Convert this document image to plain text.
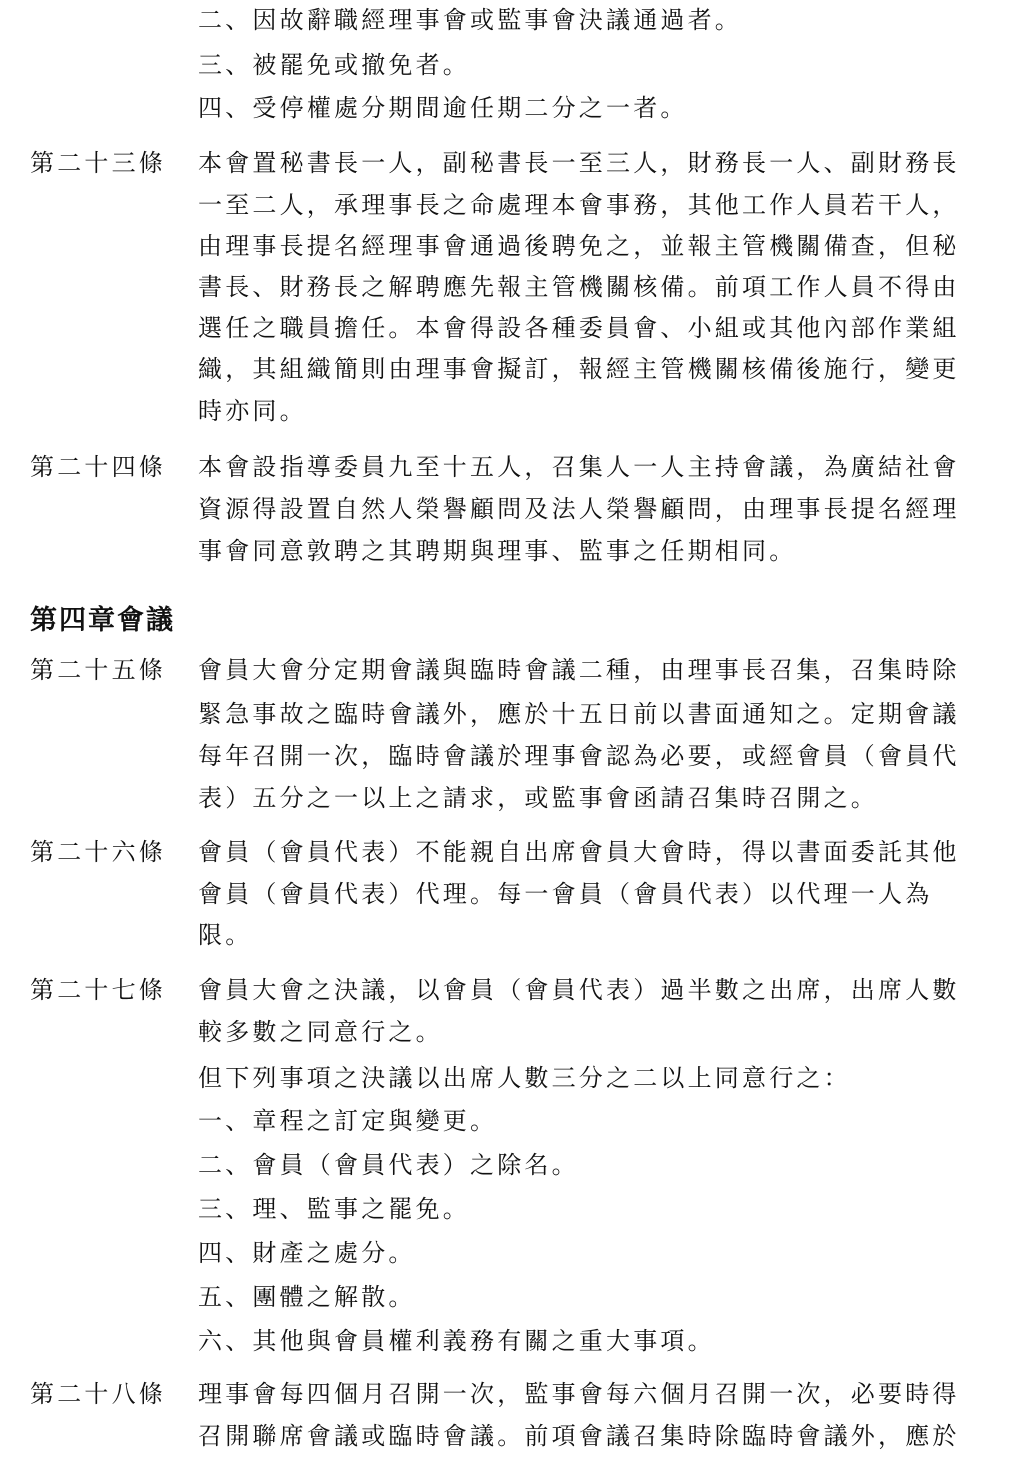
二、因故辭職經理事會或監事會決議通過者。
三、被罷免或撤免者。
四、受停權處分期間逾任期二分之一者。
第二十三條 本會置秘書長一人，副秘書長一至三人，財務長一人、副財務長
一至二人，承理事長之命處理本會事務，其他工作人員若干人，
由理事長提名經理事會通過後聘免之，並報主管機關備查，但秘
書長、財務長之解聘應先報主管機關核備。前項工作人員不得由
選任之職員擔任。本會得設各種委員會、小組或其他內部作業組
織，其組織簡則由理事會擬訂，報經主管機關核備後施行，變更
時亦同。
第二十四條 本會設指導委員九至十五人，召集人一人主持會議，為廣結社會
資源得設置自然人榮譽顧問及法人榮譽顧問，由理事長提名經理
事會同意敦聘之其聘期與理事、監事之任期相同。
第四章會議
第二十五條 會員大會分定期會議與臨時會議二種，由理事長召集，召集時除
緊急事故之臨時會議外，應於十五日前以書面通知之。定期會議
每年召開一次，臨時會議於理事會認為必要，或經會員（會員代
表）五分之一以上之請求，或監事會函請召集時召開之。
第二十六條 會員（會員代表）不能親自出席會員大會時，得以書面委託其他
會員（會員代表）代理。每一會員（會員代表）以代理一人為
限。
第二十七條 會員大會之決議，以會員（會員代表）過半數之出席，出席人數
較多數之同意行之。
但下列事項之決議以出席人數三分之二以上同意行之：
一、章程之訂定與變更。
二、會員（會員代表）之除名。
三、理、監事之罷免。
四、財產之處分。
五、團體之解散。
六、其他與會員權利義務有關之重大事項。
第二十八條 理事會每四個月召開一次，監事會每六個月召開一次，必要時得
召開聯席會議或臨時會議。前項會議召集時除臨時會議外，應於
